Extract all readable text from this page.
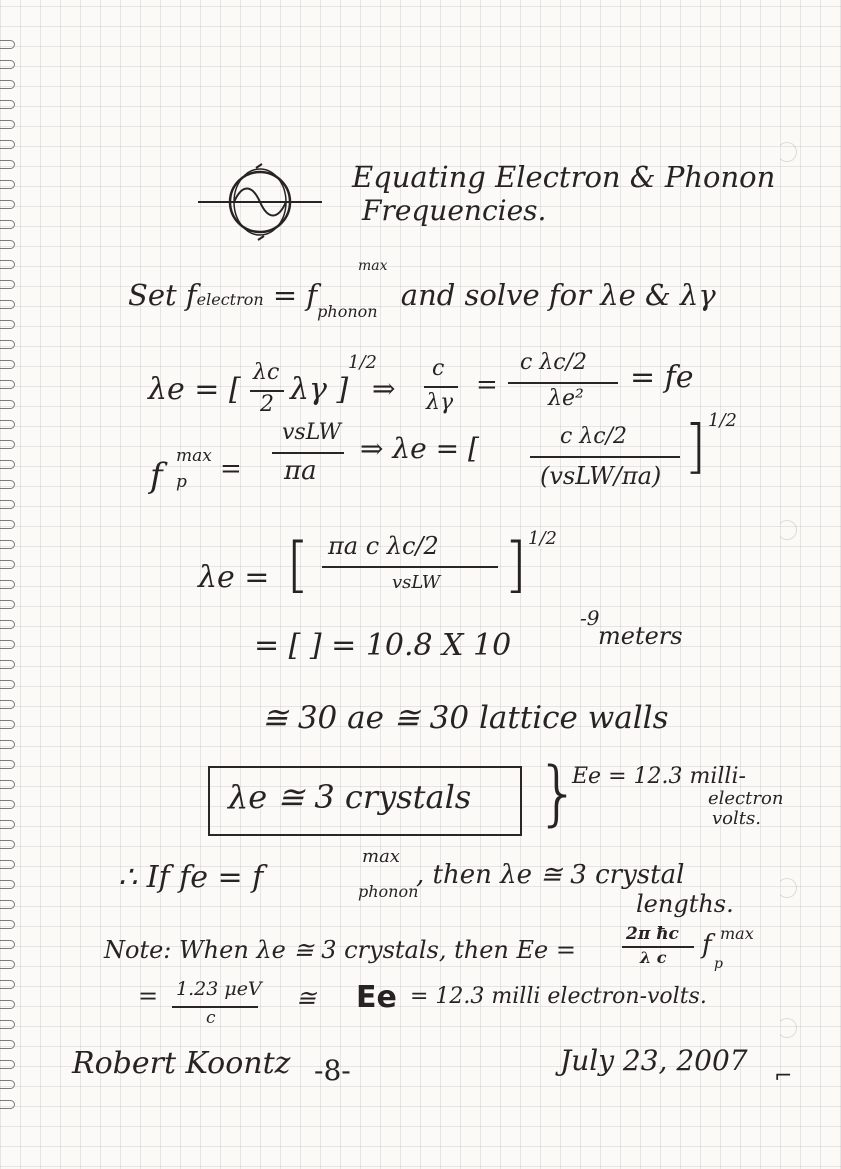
Equating Electron & Phonon
Frequencies.
Set felectron = $f_{phonon}$ and solve for λe & λγ
max
λe = [ λc
2 λγ ]
1/2
⇒
c
λγ
=
c λc/2
λe²
= fe
f max
p =
vsLW
πa
⇒ λe = [	c λc/2
(vsLW/πa) ] 1/2
λe = [ πa c λc/2
vsLW ] 1/2
= [ ] = 10.8 X 10
-9
meters
≅ 30 ae ≅ 30 lattice walls
λe ≅ 3 crystals }
Ee = 12.3 milli-
electron
volts.
∴ If fe = f
max
phonon
, then λe ≅ 3 crystal
lengths.
Note: When λe ≅ 3 crystals, then Ee =
2π ħc
λ c f max
p
= 1.23 μeV
c
≅ Ee = 12.3 milli electron-volts.
Robert Koontz -8-	July 23, 2007 ⌐
